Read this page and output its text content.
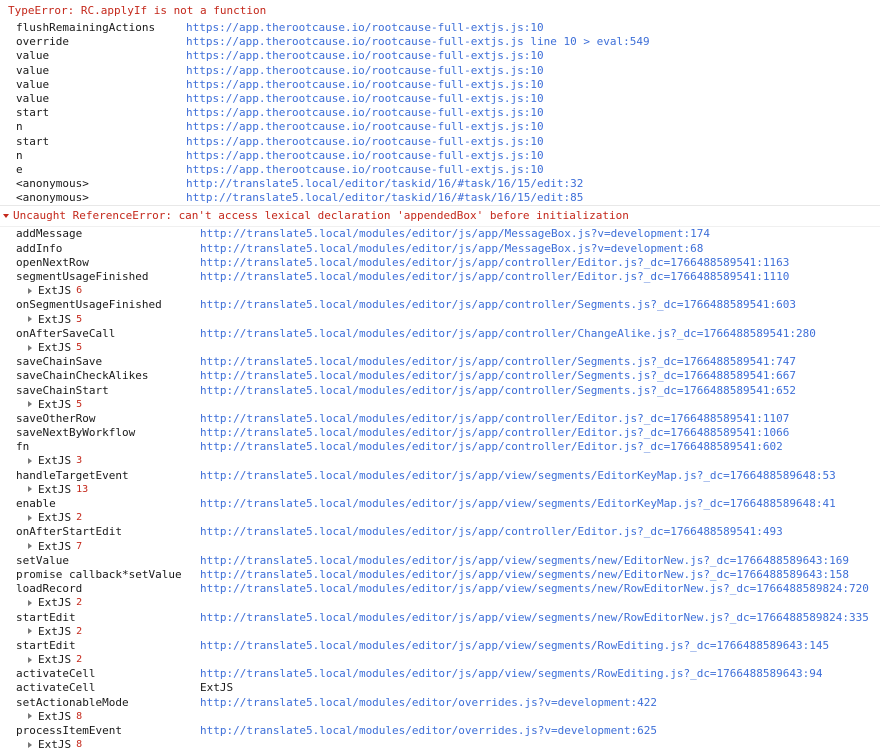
TypeError: RC.applyIf is not a function
flushRemainingActions	https://app.therootcause.io/rootcause-full-extjs.js:10
override	https://app.therootcause.io/rootcause-full-extjs.js line 10 > eval:549
value	https://app.therootcause.io/rootcause-full-extjs.js:10
value	https://app.therootcause.io/rootcause-full-extjs.js:10
value	https://app.therootcause.io/rootcause-full-extjs.js:10
value	https://app.therootcause.io/rootcause-full-extjs.js:10
start	https://app.therootcause.io/rootcause-full-extjs.js:10
n	https://app.therootcause.io/rootcause-full-extjs.js:10
start	https://app.therootcause.io/rootcause-full-extjs.js:10
n	https://app.therootcause.io/rootcause-full-extjs.js:10
e	https://app.therootcause.io/rootcause-full-extjs.js:10
<anonymous>	http://translate5.local/editor/taskid/16/#task/16/15/edit:32
<anonymous>	http://translate5.local/editor/taskid/16/#task/16/15/edit:85
Uncaught ReferenceError: can't access lexical declaration 'appendedBox' before initialization
addMessage	http://translate5.local/modules/editor/js/app/MessageBox.js?v=development:174
addInfo	http://translate5.local/modules/editor/js/app/MessageBox.js?v=development:68
openNextRow	http://translate5.local/modules/editor/js/app/controller/Editor.js?_dc=1766488589541:1163
segmentUsageFinished	http://translate5.local/modules/editor/js/app/controller/Editor.js?_dc=1766488589541:1110
ExtJS 6
onSegmentUsageFinished	http://translate5.local/modules/editor/js/app/controller/Segments.js?_dc=1766488589541:603
ExtJS 5
onAfterSaveCall	http://translate5.local/modules/editor/js/app/controller/ChangeAlike.js?_dc=1766488589541:280
ExtJS 5
saveChainSave	http://translate5.local/modules/editor/js/app/controller/Segments.js?_dc=1766488589541:747
saveChainCheckAlikes	http://translate5.local/modules/editor/js/app/controller/Segments.js?_dc=1766488589541:667
saveChainStart	http://translate5.local/modules/editor/js/app/controller/Segments.js?_dc=1766488589541:652
ExtJS 5
saveOtherRow	http://translate5.local/modules/editor/js/app/controller/Editor.js?_dc=1766488589541:1107
saveNextByWorkflow	http://translate5.local/modules/editor/js/app/controller/Editor.js?_dc=1766488589541:1066
fn	http://translate5.local/modules/editor/js/app/controller/Editor.js?_dc=1766488589541:602
ExtJS 3
handleTargetEvent	http://translate5.local/modules/editor/js/app/view/segments/EditorKeyMap.js?_dc=1766488589648:53
ExtJS 13
enable	http://translate5.local/modules/editor/js/app/view/segments/EditorKeyMap.js?_dc=1766488589648:41
ExtJS 2
onAfterStartEdit	http://translate5.local/modules/editor/js/app/controller/Editor.js?_dc=1766488589541:493
ExtJS 7
setValue	http://translate5.local/modules/editor/js/app/view/segments/new/EditorNew.js?_dc=1766488589643:169
promise callback*setValue	http://translate5.local/modules/editor/js/app/view/segments/new/EditorNew.js?_dc=1766488589643:158
loadRecord	http://translate5.local/modules/editor/js/app/view/segments/new/RowEditorNew.js?_dc=1766488589824:720
ExtJS 2
startEdit	http://translate5.local/modules/editor/js/app/view/segments/new/RowEditorNew.js?_dc=1766488589824:335
ExtJS 2
startEdit	http://translate5.local/modules/editor/js/app/view/segments/RowEditing.js?_dc=1766488589643:145
ExtJS 2
activateCell	http://translate5.local/modules/editor/js/app/view/segments/RowEditing.js?_dc=1766488589643:94
activateCell	ExtJS
setActionableMode	http://translate5.local/modules/editor/overrides.js?v=development:422
ExtJS 8
processItemEvent	http://translate5.local/modules/editor/overrides.js?v=development:625
ExtJS 8
